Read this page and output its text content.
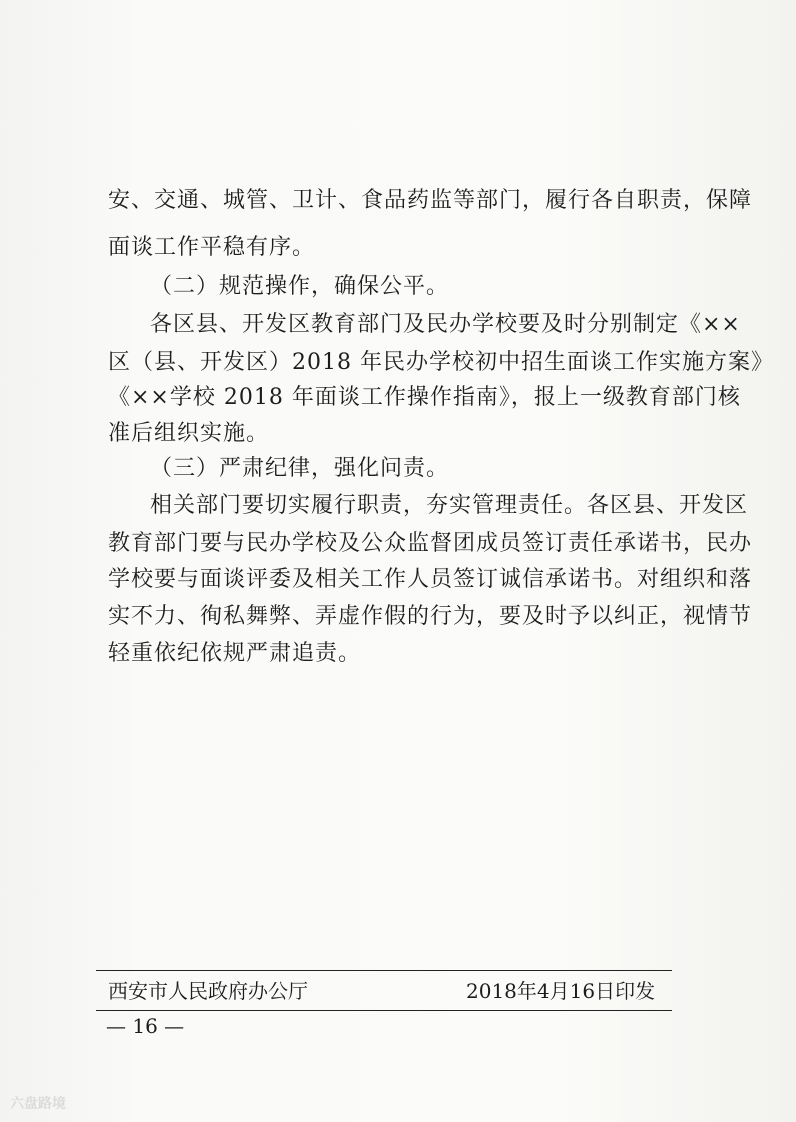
安、交通、城管、卫计、食品药监等部门，履行各自职责，保障
面谈工作平稳有序。
（二）规范操作，确保公平。
各区县、开发区教育部门及民办学校要及时分别制定《××
区（县、开发区）2018 年民办学校初中招生面谈工作实施方案》
《××学校 2018 年面谈工作操作指南》，报上一级教育部门核
准后组织实施。
（三）严肃纪律，强化问责。
相关部门要切实履行职责，夯实管理责任。各区县、开发区
教育部门要与民办学校及公众监督团成员签订责任承诺书，民办
学校要与面谈评委及相关工作人员签订诚信承诺书。对组织和落
实不力、徇私舞弊、弄虚作假的行为，要及时予以纠正，视情节
轻重依纪依规严肃追责。
西安市人民政府办公厅	2018年4月16日印发
— 16 —
六盘路境
